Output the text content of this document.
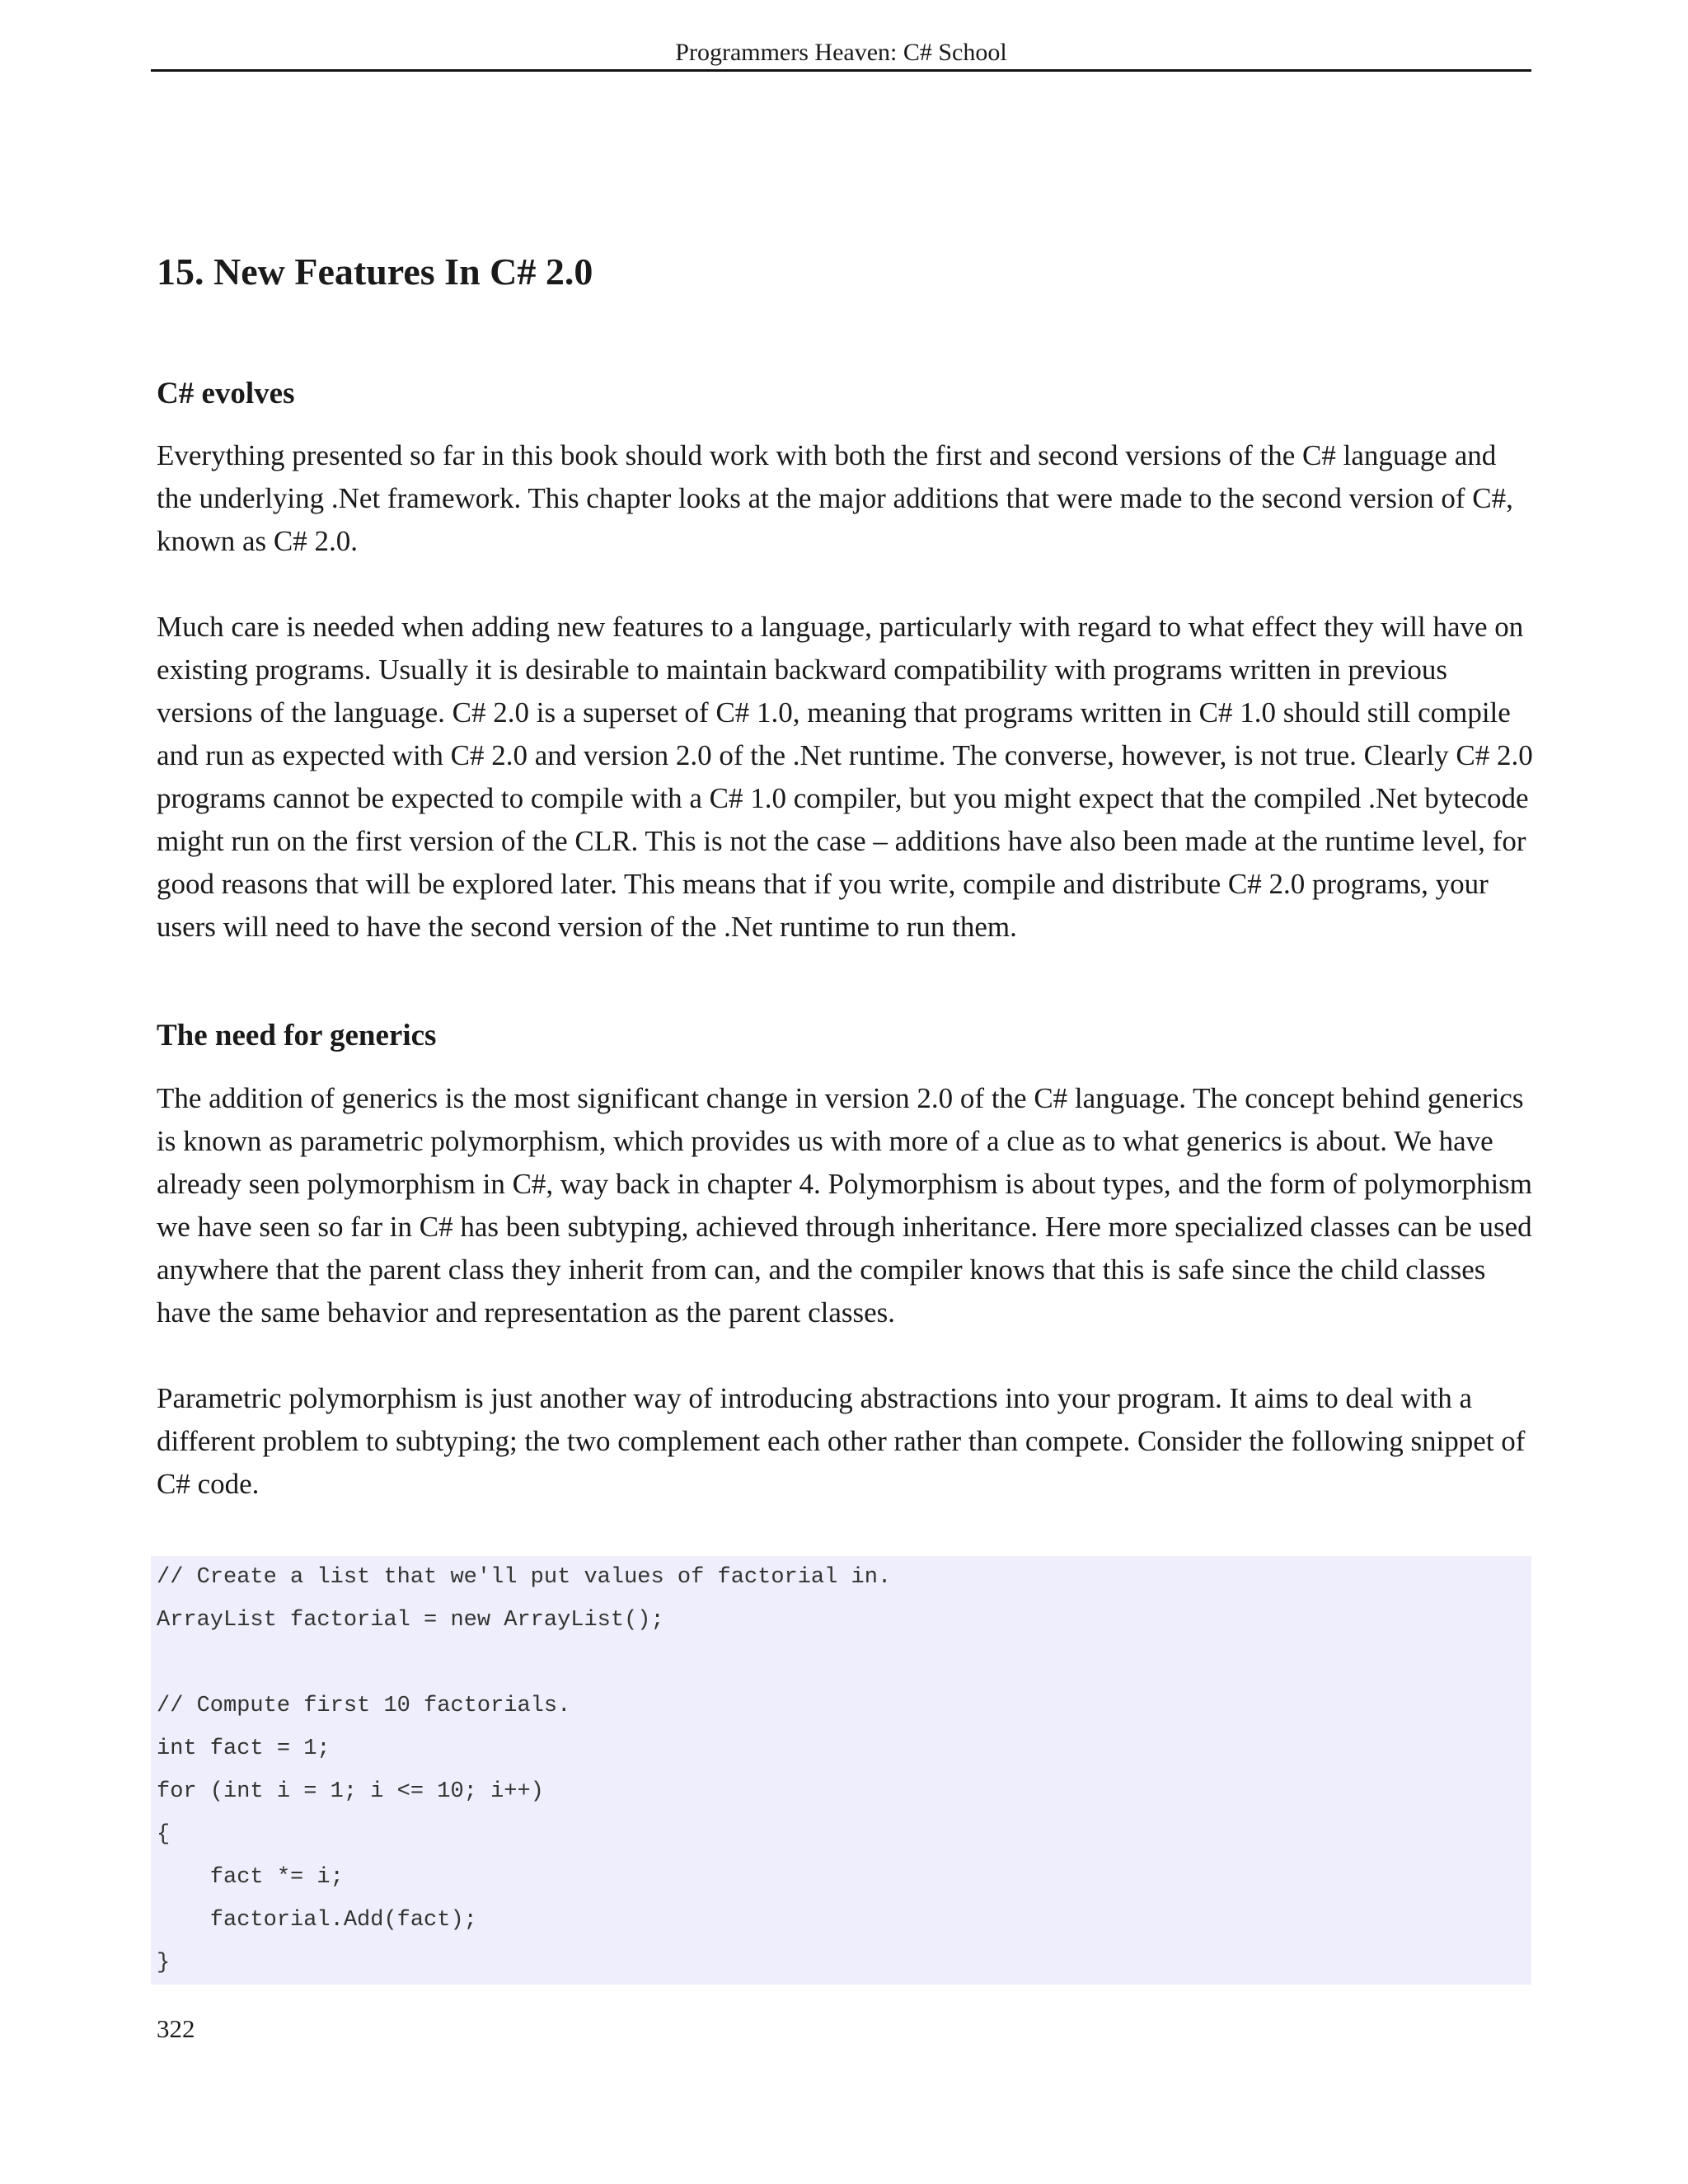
Programmers Heaven: C# School
15. New Features In C# 2.0
C# evolves

Everything presented so far in this book should work with both the first and second versions of the C# language and the underlying .Net framework. This chapter looks at the major additions that were made to the second version of C#, known as C# 2.0.

Much care is needed when adding new features to a language, particularly with regard to what effect they will have on existing programs. Usually it is desirable to maintain backward compatibility with programs written in previous versions of the language. C# 2.0 is a superset of C# 1.0, meaning that programs written in C# 1.0 should still compile and run as expected with C# 2.0 and version 2.0 of the .Net runtime. The converse, however, is not true. Clearly C# 2.0 programs cannot be expected to compile with a C# 1.0 compiler, but you might expect that the compiled .Net bytecode might run on the first version of the CLR. This is not the case – additions have also been made at the runtime level, for good reasons that will be explored later. This means that if you write, compile and distribute C# 2.0 programs, your users will need to have the second version of the .Net runtime to run them.

The need for generics

The addition of generics is the most significant change in version 2.0 of the C# language. The concept behind generics is known as parametric polymorphism, which provides us with more of a clue as to what generics is about. We have already seen polymorphism in C#, way back in chapter 4. Polymorphism is about types, and the form of polymorphism we have seen so far in C# has been subtyping, achieved through inheritance. Here more specialized classes can be used anywhere that the parent class they inherit from can, and the compiler knows that this is safe since the child classes have the same behavior and representation as the parent classes.

Parametric polymorphism is just another way of introducing abstractions into your program. It aims to deal with a different problem to subtyping; the two complement each other rather than compete. Consider the following snippet of C# code.

// Create a list that we'll put values of factorial in.
ArrayList factorial = new ArrayList();
// Compute first 10 factorials.
int fact = 1;
for (int i = 1; i <= 10; i++)
{
fact *= i;
factorial.Add(fact);
}
322
